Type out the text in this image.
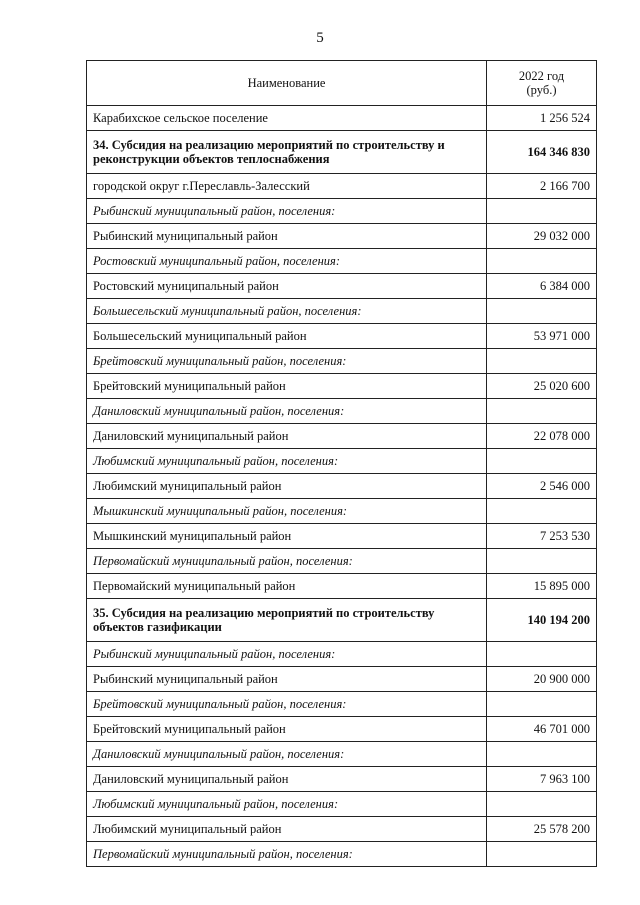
5
Наименование	2022 год
(руб.)
Карабихское сельское поселение	1 256 524
34. Субсидия на реализацию мероприятий по строительству и реконструкции объектов теплоснабжения	164 346 830
городской округ г.Переславль-Залесский	2 166 700
Рыбинский муниципальный район, поселения:	
Рыбинский муниципальный район	29 032 000
Ростовский муниципальный район, поселения:	
Ростовский муниципальный район	6 384 000
Большесельский муниципальный район, поселения:	
Большесельский муниципальный район	53 971 000
Брейтовский муниципальный район, поселения:	
Брейтовский муниципальный район	25 020 600
Даниловский муниципальный район, поселения:	
Даниловский муниципальный район	22 078 000
Любимский муниципальный район, поселения:	
Любимский муниципальный район	2 546 000
Мышкинский муниципальный район, поселения:	
Мышкинский муниципальный район	7 253 530
Первомайский муниципальный район, поселения:	
Первомайский муниципальный район	15 895 000
35. Субсидия на реализацию мероприятий по строительству объектов газификации	140 194 200
Рыбинский муниципальный район, поселения:	
Рыбинский муниципальный район	20 900 000
Брейтовский муниципальный район, поселения:	
Брейтовский муниципальный район	46 701 000
Даниловский муниципальный район, поселения:	
Даниловский муниципальный район	7 963 100
Любимский муниципальный район, поселения:	
Любимский муниципальный район	25 578 200
Первомайский муниципальный район, поселения:	
